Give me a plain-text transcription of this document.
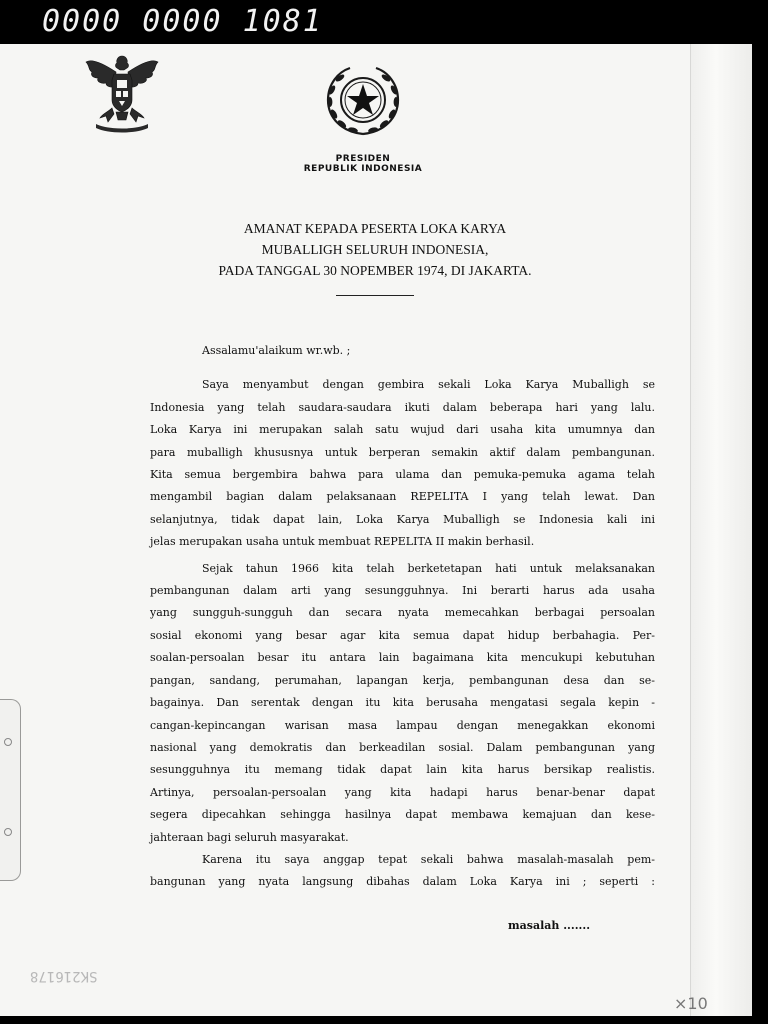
0000 0000 1081
PRESIDEN
REPUBLIK INDONESIA
AMANAT KEPADA PESERTA LOKA KARYA
MUBALLIGH SELURUH INDONESIA,
PADA TANGGAL 30 NOPEMBER 1974, DI JAKARTA.
Assalamu'alaikum wr.wb. ;
Saya menyambut dengan gembira sekali Loka Karya Muballigh se
Indonesia yang telah saudara-saudara ikuti dalam beberapa hari yang lalu.
Loka Karya ini merupakan salah satu wujud dari usaha kita umumnya dan
para muballigh khususnya untuk berperan semakin aktif dalam pembangunan.
Kita semua bergembira bahwa para ulama dan pemuka-pemuka agama telah
mengambil bagian dalam pelaksanaan REPELITA I yang telah lewat. Dan
selanjutnya, tidak dapat lain, Loka Karya Muballigh se Indonesia kali ini
jelas merupakan usaha untuk membuat REPELITA II makin berhasil.
Sejak tahun 1966 kita telah berketetapan hati untuk melaksanakan
pembangunan dalam arti yang sesungguhnya. Ini berarti harus ada usaha
yang sungguh-sungguh dan secara nyata memecahkan berbagai persoalan
sosial ekonomi yang besar agar kita semua dapat hidup berbahagia. Per-
soalan-persoalan besar itu antara lain bagaimana kita mencukupi kebutuhan
pangan, sandang, perumahan, lapangan kerja, pembangunan desa dan se-
bagainya. Dan serentak dengan itu kita berusaha mengatasi segala kepin -
cangan-kepincangan warisan masa lampau dengan menegakkan ekonomi
nasional yang demokratis dan berkeadilan sosial. Dalam pembangunan yang
sesungguhnya itu memang tidak dapat lain kita harus bersikap realistis.
Artinya, persoalan-persoalan yang kita hadapi harus benar-benar dapat
segera dipecahkan sehingga hasilnya dapat membawa kemajuan dan kese-
jahteraan bagi seluruh masyarakat.
Karena itu saya anggap tepat sekali bahwa masalah-masalah pem-
bangunan yang nyata langsung dibahas dalam Loka Karya ini ; seperti :
masalah .......
SK216178
×10
